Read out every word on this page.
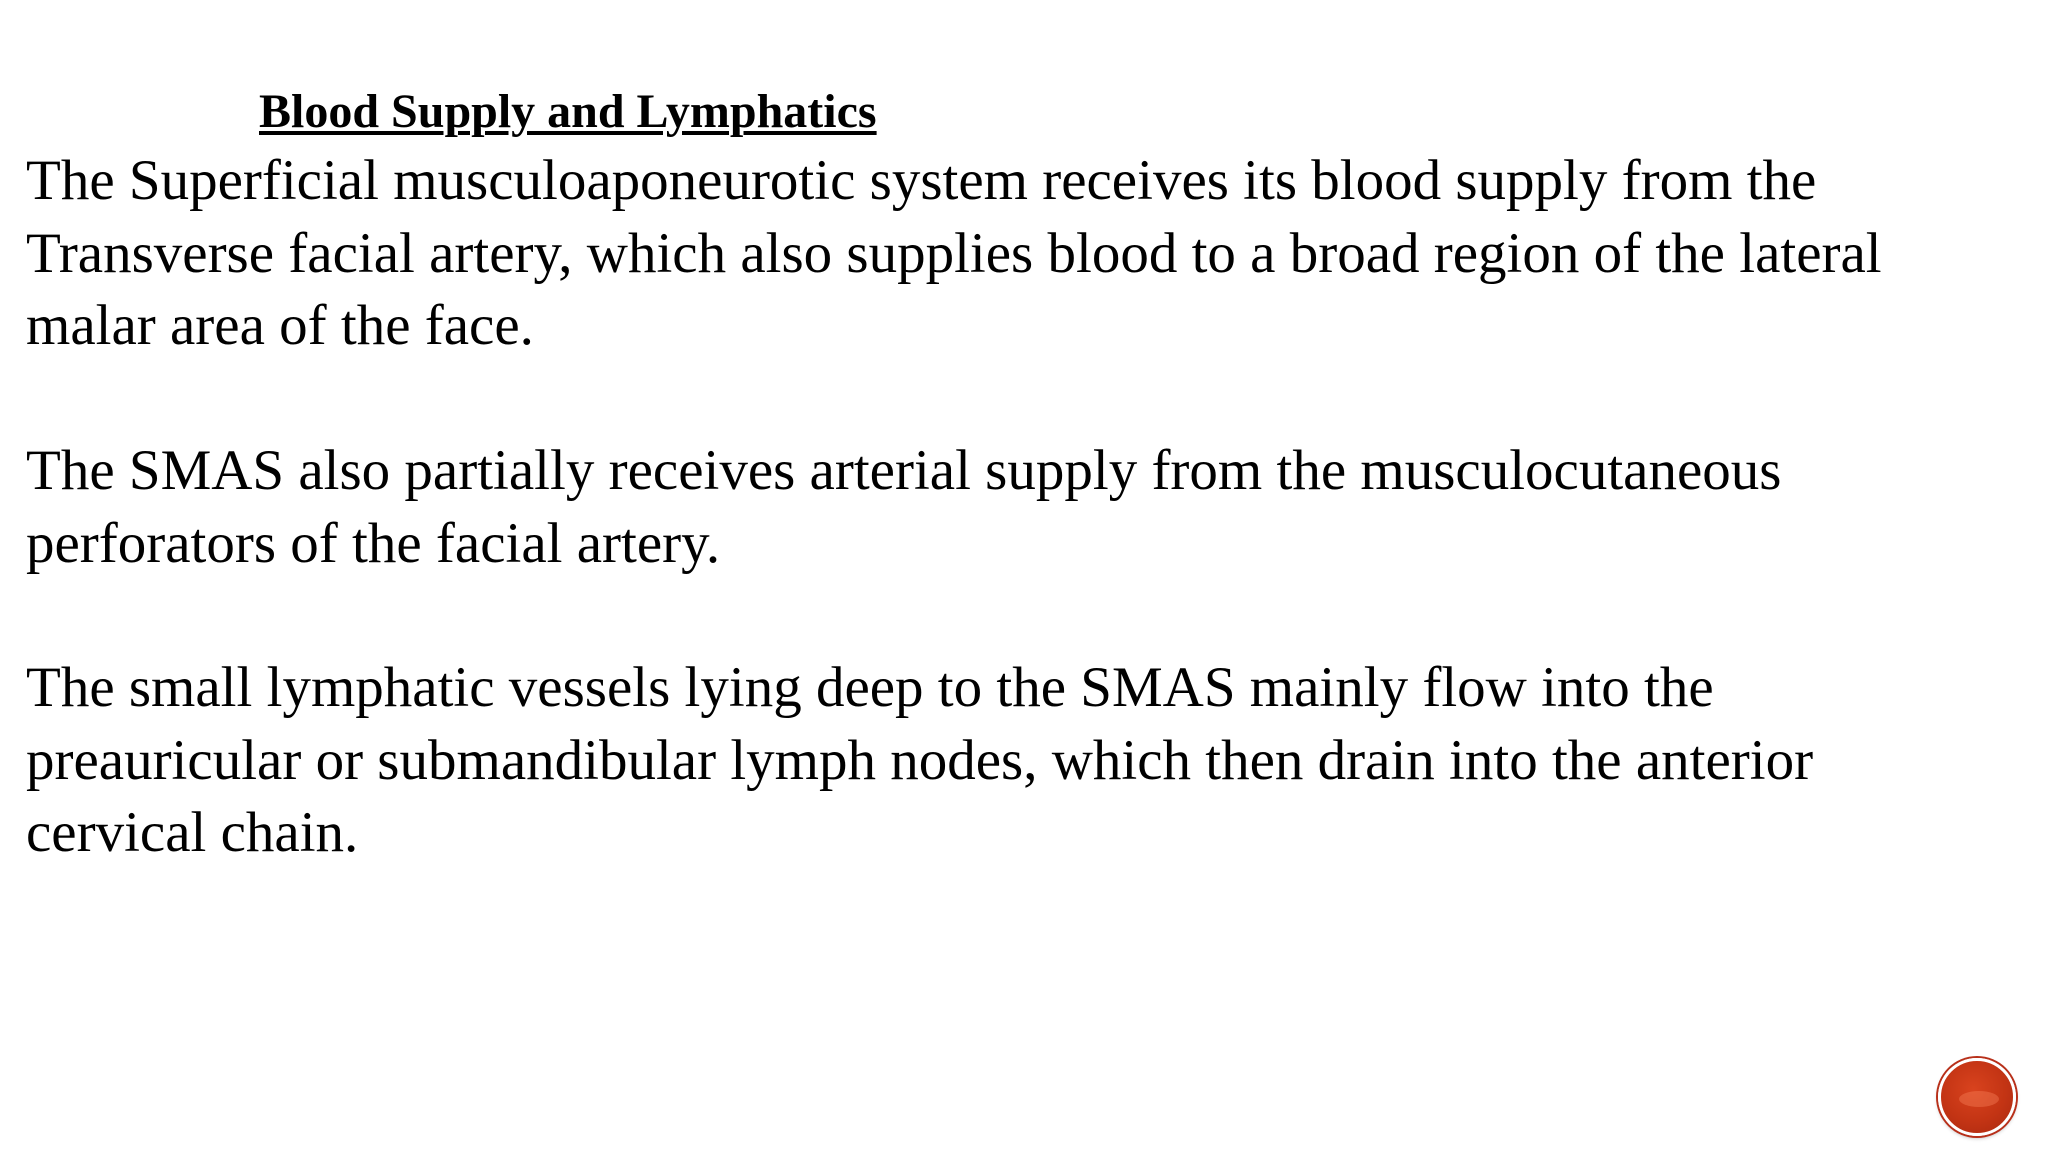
Blood Supply and Lymphatics

The Superficial musculoaponeurotic system receives its blood supply from the Transverse facial artery, which also supplies blood to a broad region of the lateral malar area of the face.

The SMAS also partially receives arterial supply from the musculocutaneous perforators of the facial artery.

The small lymphatic vessels lying deep to the SMAS mainly flow into the preauricular or submandibular lymph nodes, which then drain into the anterior cervical chain.
